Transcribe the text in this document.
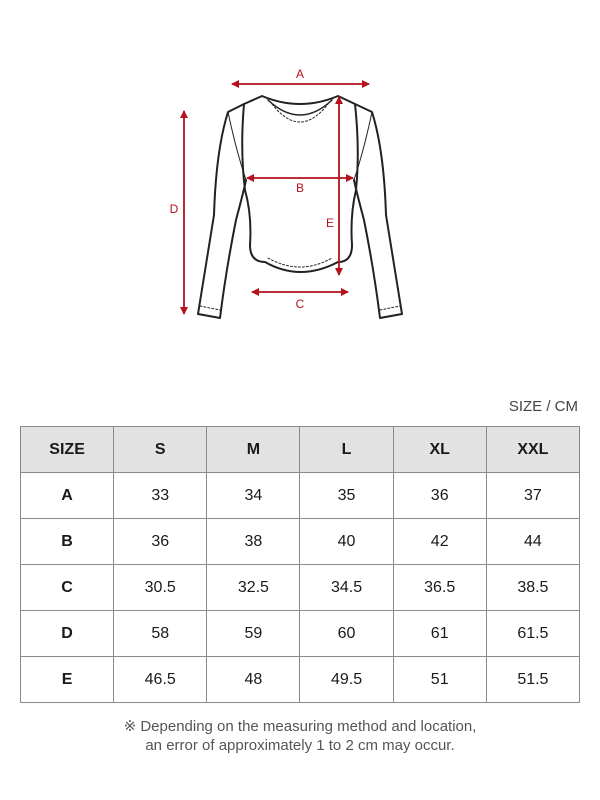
A
B
C
D
E
SIZE / CM
SIZE	S	M	L	XL	XXL
A	33	34	35	36	37
B	36	38	40	42	44
C	30.5	32.5	34.5	36.5	38.5
D	58	59	60	61	61.5
E	46.5	48	49.5	51	51.5
※ Depending on the measuring method and location,
an error of approximately 1 to 2 cm may occur.
